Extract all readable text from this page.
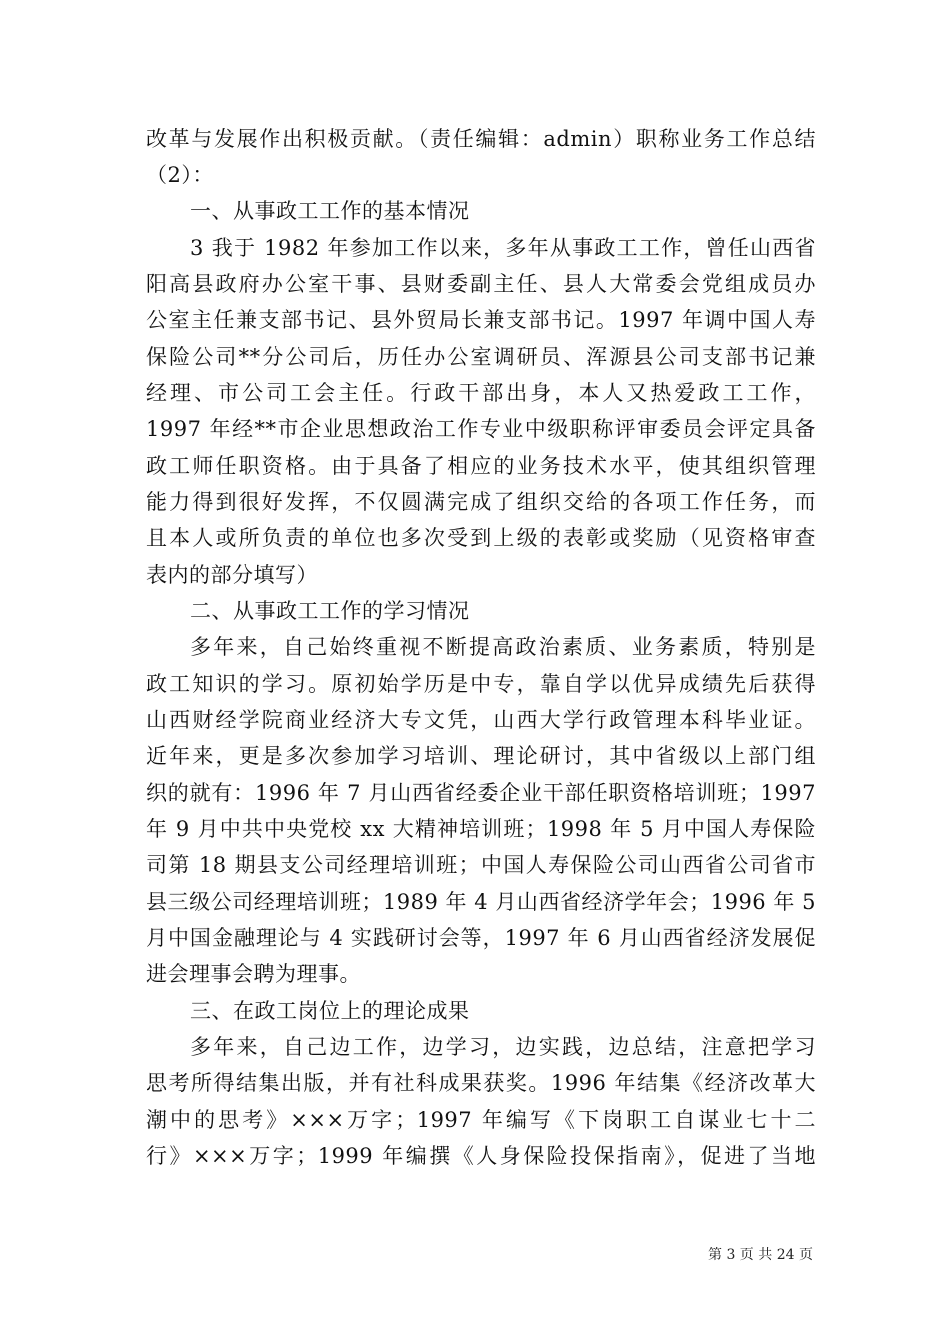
改革与发展作出积极贡献。（责任编辑：admin）职称业务工作总结
（2）：
一、从事政工工作的基本情况
3 我于 1982 年参加工作以来，多年从事政工工作，曾任山西省
阳高县政府办公室干事、县财委副主任、县人大常委会党组成员办
公室主任兼支部书记、县外贸局长兼支部书记。1997 年调中国人寿
保险公司**分公司后，历任办公室调研员、浑源县公司支部书记兼
经理、市公司工会主任。行政干部出身，本人又热爱政工工作，
1997 年经**市企业思想政治工作专业中级职称评审委员会评定具备
政工师任职资格。由于具备了相应的业务技术水平，使其组织管理
能力得到很好发挥，不仅圆满完成了组织交给的各项工作任务，而
且本人或所负责的单位也多次受到上级的表彰或奖励（见资格审查
表内的部分填写）
二、从事政工工作的学习情况
多年来，自己始终重视不断提高政治素质、业务素质，特别是
政工知识的学习。原初始学历是中专，靠自学以优异成绩先后获得
山西财经学院商业经济大专文凭，山西大学行政管理本科毕业证。
近年来，更是多次参加学习培训、理论研讨，其中省级以上部门组
织的就有：1996 年 7 月山西省经委企业干部任职资格培训班；1997
年 9 月中共中央党校 xx 大精神培训班；1998 年 5 月中国人寿保险
司第 18 期县支公司经理培训班；中国人寿保险公司山西省公司省市
县三级公司经理培训班；1989 年 4 月山西省经济学年会；1996 年 5
月中国金融理论与 4 实践研讨会等，1997 年 6 月山西省经济发展促
进会理事会聘为理事。
三、在政工岗位上的理论成果
多年来，自己边工作，边学习，边实践，边总结，注意把学习
思考所得结集出版，并有社科成果获奖。1996 年结集《经济改革大
潮中的思考》×××万字；1997 年编写《下岗职工自谋业七十二
行》×××万字；1999 年编撰《人身保险投保指南》，促进了当地
第 3 页 共 24 页
